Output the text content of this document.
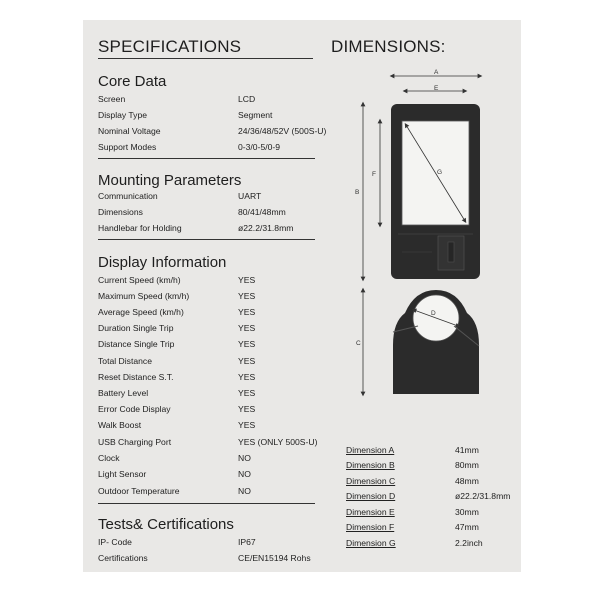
SPECIFICATIONS
Core Data
Screen	LCD
Display Type	Segment
Nominal Voltage	24/36/48/52V (500S-U)
Support Modes	0-3/0-5/0-9
Mounting Parameters
Communication	UART
Dimensions	80/41/48mm
Handlebar for Holding	ø22.2/31.8mm
Display Information
Current Speed (km/h)	YES
Maximum Speed (km/h)	YES
Average Speed (km/h)	YES
Duration Single Trip	YES
Distance Single Trip	YES
Total Distance	YES
Reset Distance S.T.	YES
Battery Level	YES
Error Code Display	YES
Walk Boost	YES
USB Charging Port	YES (ONLY 500S-U)
Clock	NO
Light Sensor	NO
Outdoor Temperature	NO
Tests& Certifications
IP- Code	IP67
Certifications	CE/EN15194 Rohs
DIMENSIONS:
A
E
G
B
F
D
C
Dimension A	41mm
Dimension B	80mm
Dimension C	48mm
Dimension D	ø22.2/31.8mm
Dimension E	30mm
Dimension F	47mm
Dimension G	2.2inch
